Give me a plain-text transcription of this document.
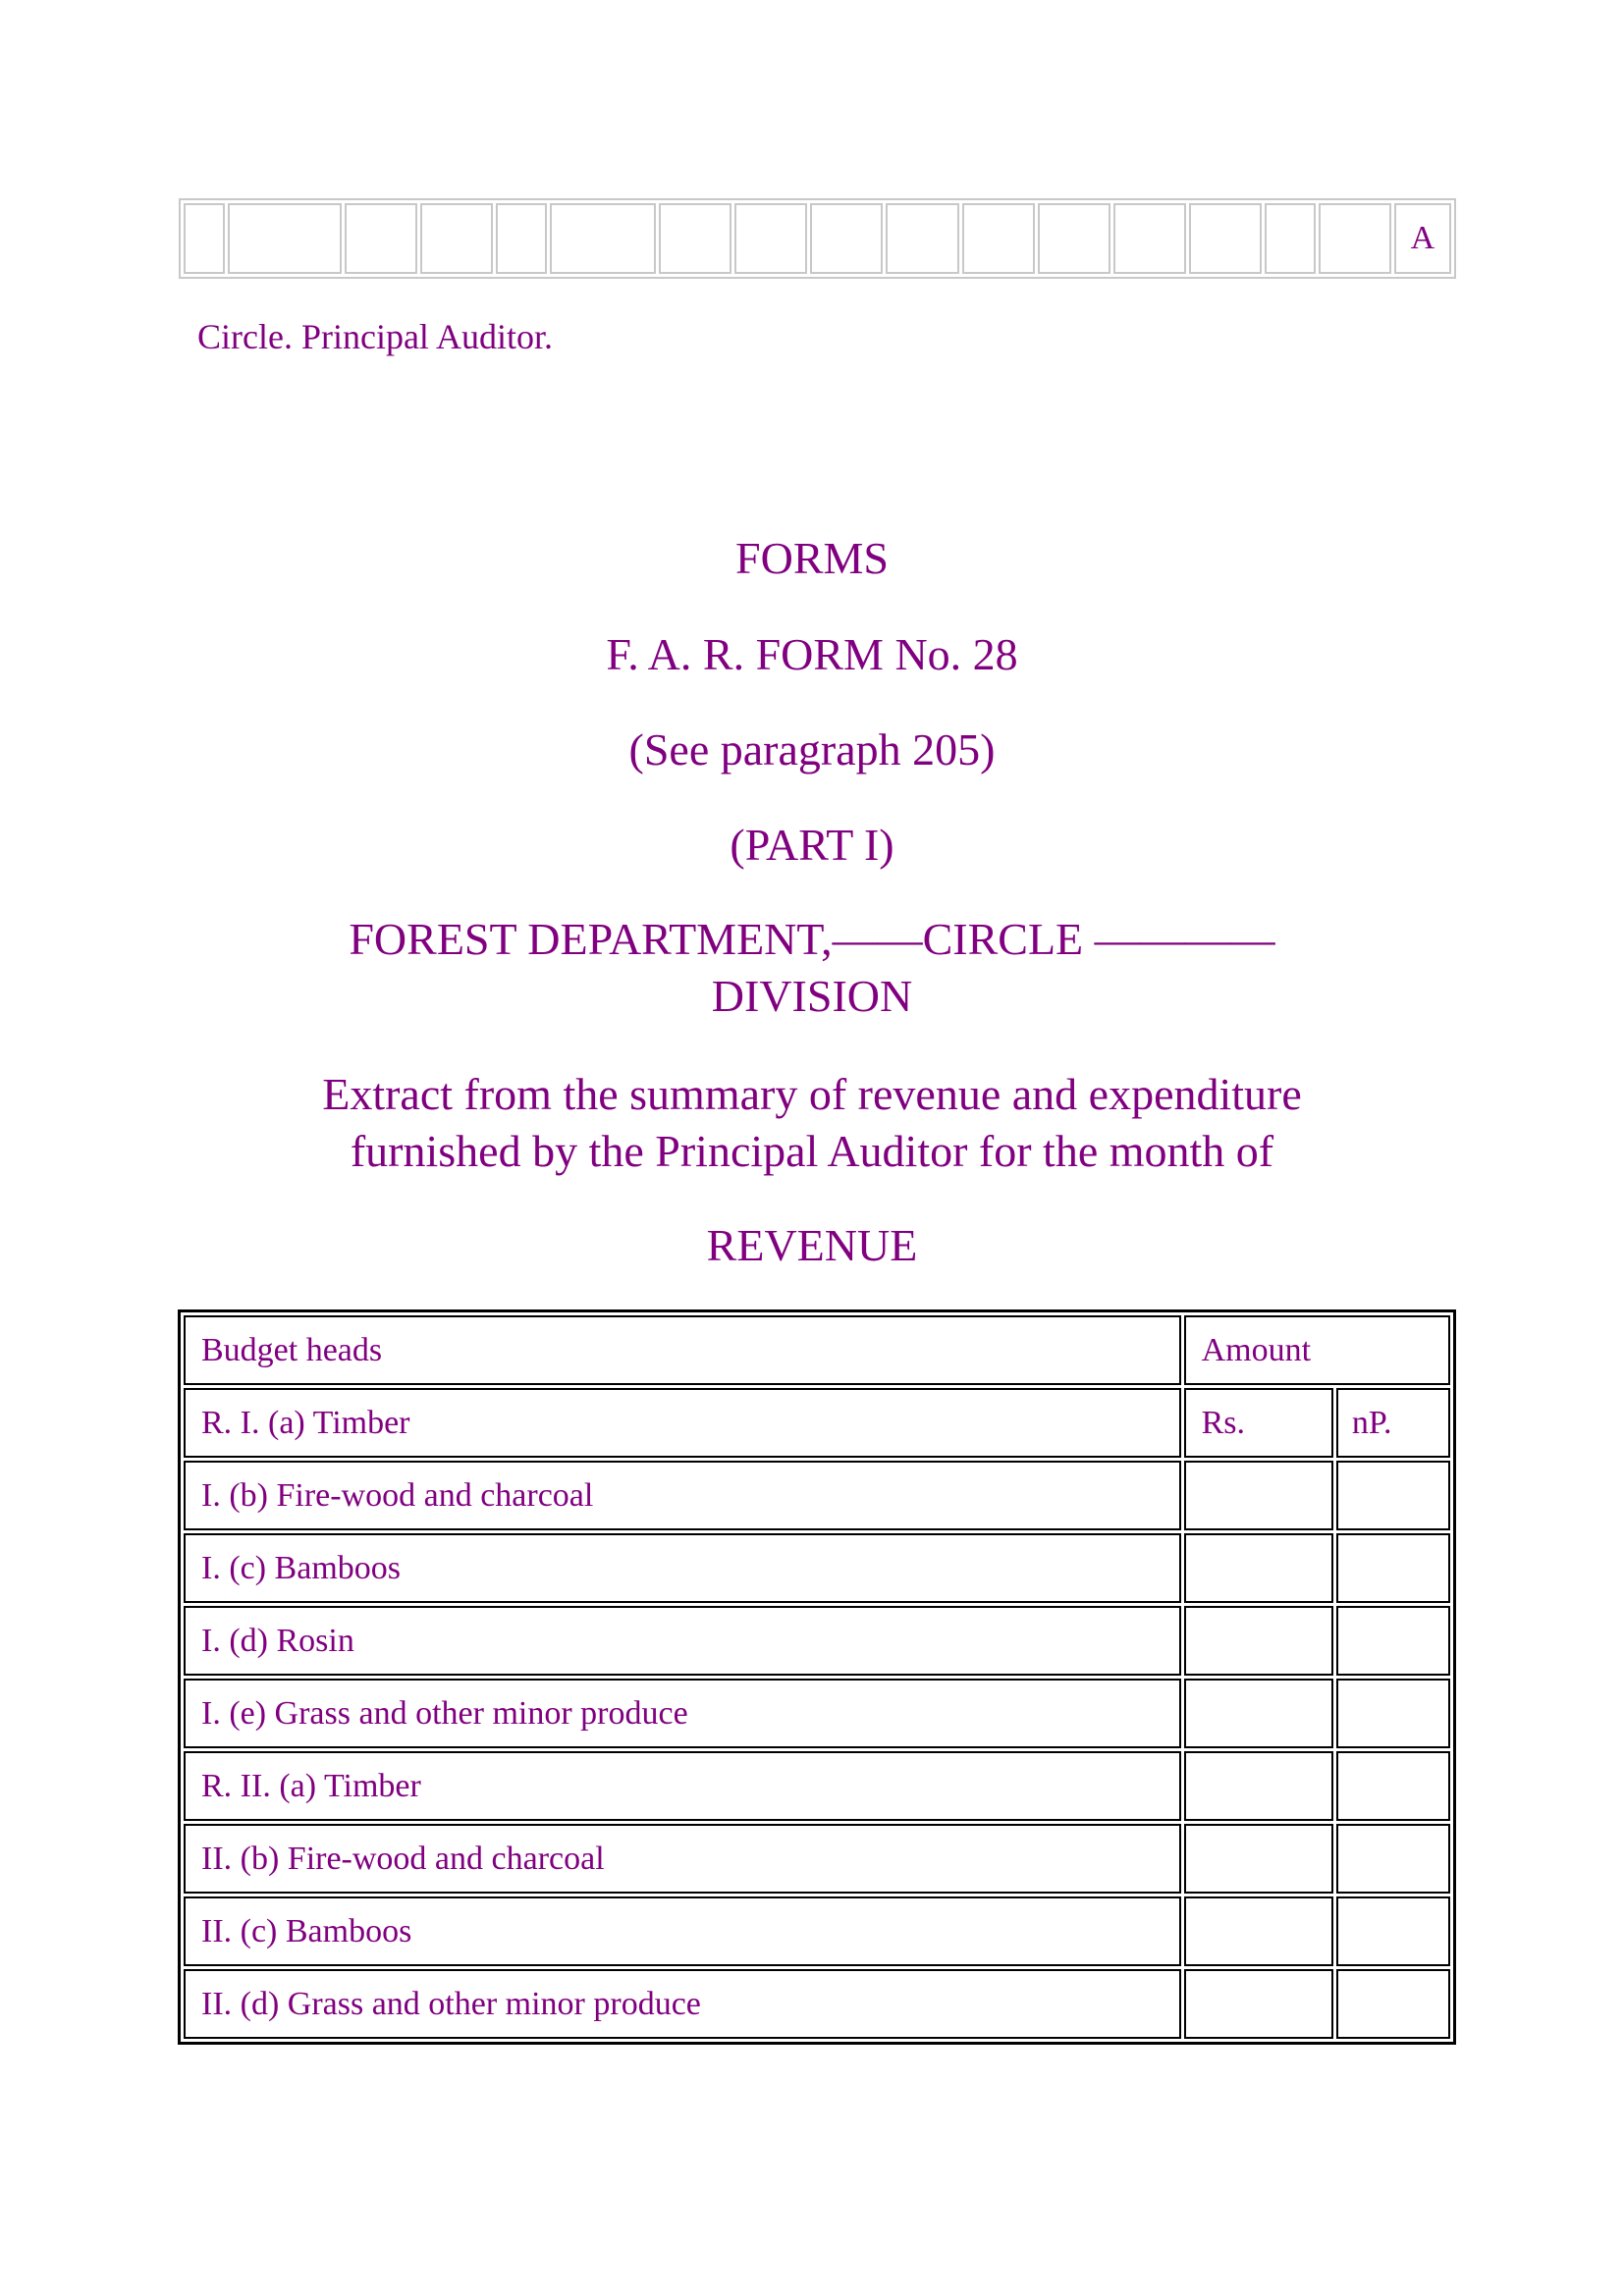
																A

Circle. Principal Auditor.

FORMS
F. A. R. FORM No. 28
(See paragraph 205)
(PART I)
FOREST DEPARTMENT,——CIRCLE ————
DIVISION
Extract from the summary of revenue and expenditure
furnished by the Principal Auditor for the month of
REVENUE
Budget heads	Amount	
R. I. (a) Timber	Rs.	nP.
I. (b) Fire-wood and charcoal		
I. (c) Bamboos		
I. (d) Rosin		
I. (e) Grass and other minor produce		
R. II. (a) Timber		
II. (b) Fire-wood and charcoal		
II. (c) Bamboos		
II. (d) Grass and other minor produce		
